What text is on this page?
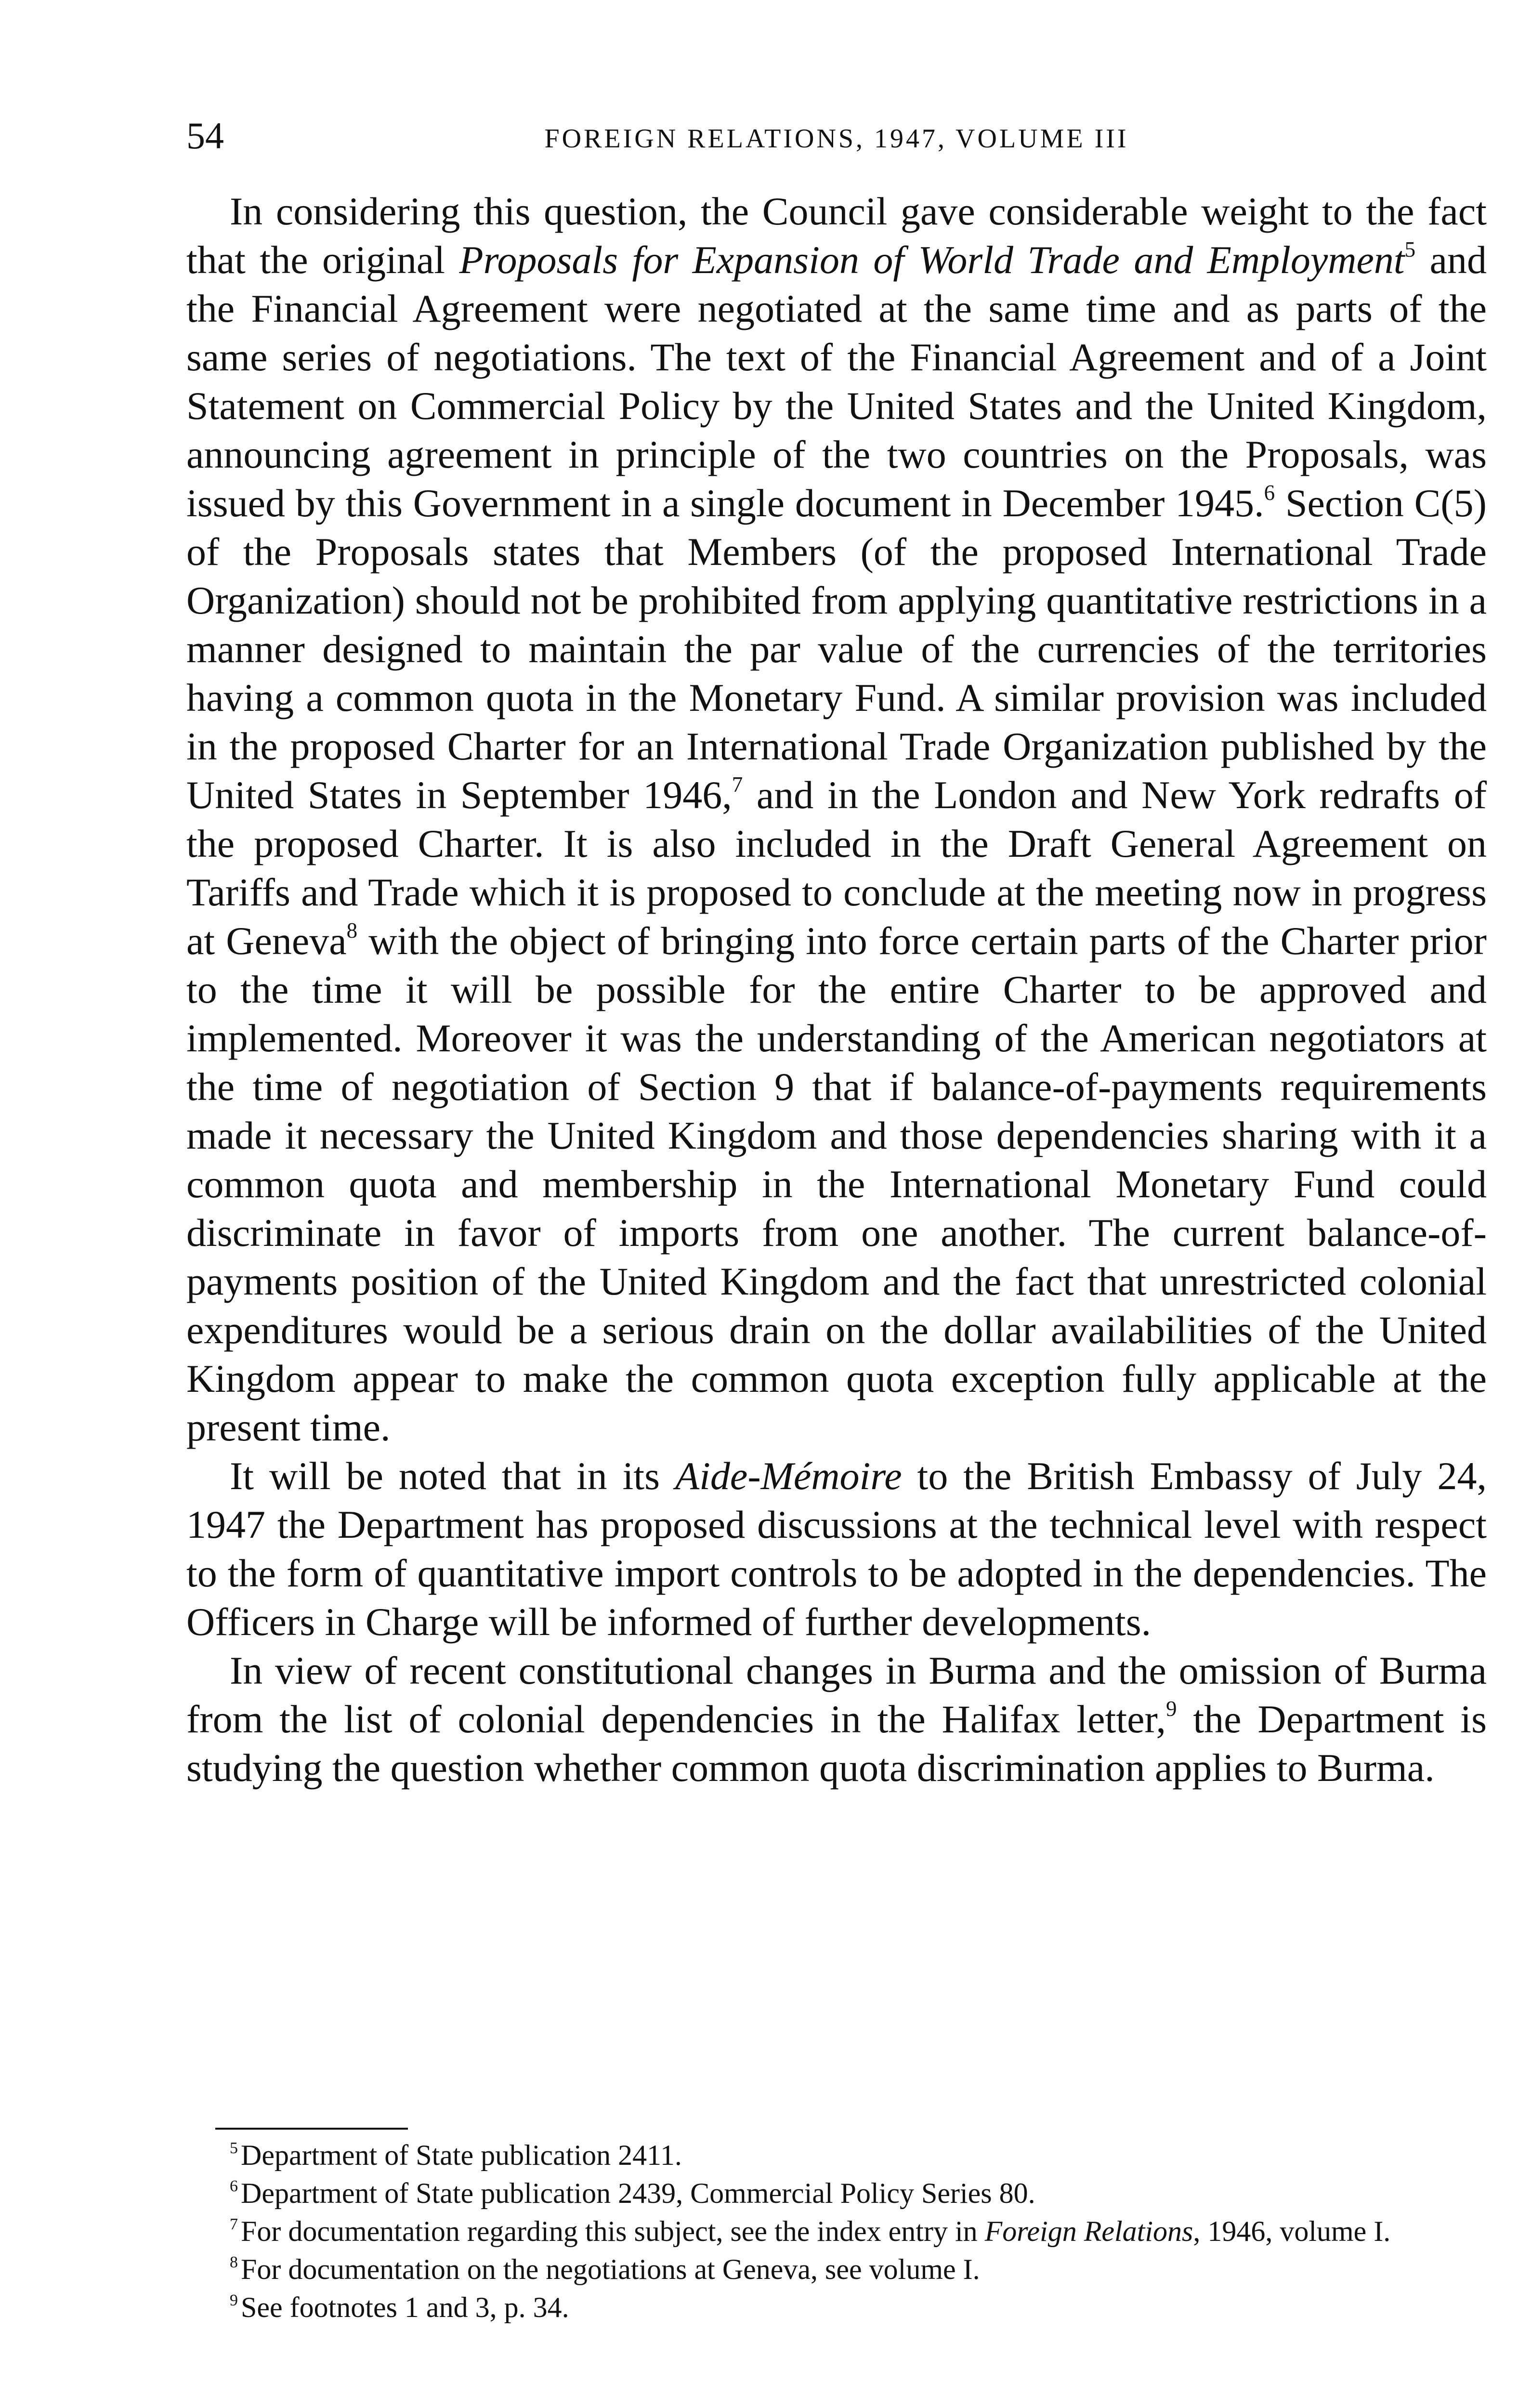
54	FOREIGN RELATIONS, 1947, VOLUME III

In considering this question, the Council gave considerable weight to the fact that the original Proposals for Expansion of World Trade and Employment$^5$ and the Financial Agreement were negotiated at the same time and as parts of the same series of negotiations. The text of the Financial Agreement and of a Joint Statement on Commercial Policy by the United States and the United Kingdom, announcing agreement in principle of the two countries on the Proposals, was issued by this Government in a single document in December 1945.$^6$ Section C(5) of the Proposals states that Members (of the proposed International Trade Organization) should not be prohibited from applying quantitative restrictions in a manner designed to maintain the par value of the currencies of the territories having a common quota in the Monetary Fund. A similar provision was included in the proposed Charter for an International Trade Organization published by the United States in September 1946,$^7$ and in the London and New York redrafts of the proposed Charter. It is also included in the Draft General Agreement on Tariffs and Trade which it is proposed to conclude at the meeting now in progress at Geneva$^8$ with the object of bringing into force certain parts of the Charter prior to the time it will be possible for the entire Charter to be approved and implemented. Moreover it was the understanding of the American negotiators at the time of negotiation of Section 9 that if balance-of-payments requirements made it necessary the United Kingdom and those dependencies sharing with it a common quota and membership in the International Monetary Fund could discriminate in favor of imports from one another. The current balance-of-payments position of the United Kingdom and the fact that unrestricted colonial expenditures would be a serious drain on the dollar availabilities of the United Kingdom appear to make the common quota exception fully applicable at the present time.

It will be noted that in its Aide-Mémoire to the British Embassy of July 24, 1947 the Department has proposed discussions at the technical level with respect to the form of quantitative import controls to be adopted in the dependencies. The Officers in Charge will be informed of further developments.

In view of recent constitutional changes in Burma and the omission of Burma from the list of colonial dependencies in the Halifax letter,$^9$ the Department is studying the question whether common quota discrimination applies to Burma.

$^5$ Department of State publication 2411.

$^6$ Department of State publication 2439, Commercial Policy Series 80.

$^7$ For documentation regarding this subject, see the index entry in Foreign Relations, 1946, volume I.

$^8$ For documentation on the negotiations at Geneva, see volume I.

$^9$ See footnotes 1 and 3, p. 34.
